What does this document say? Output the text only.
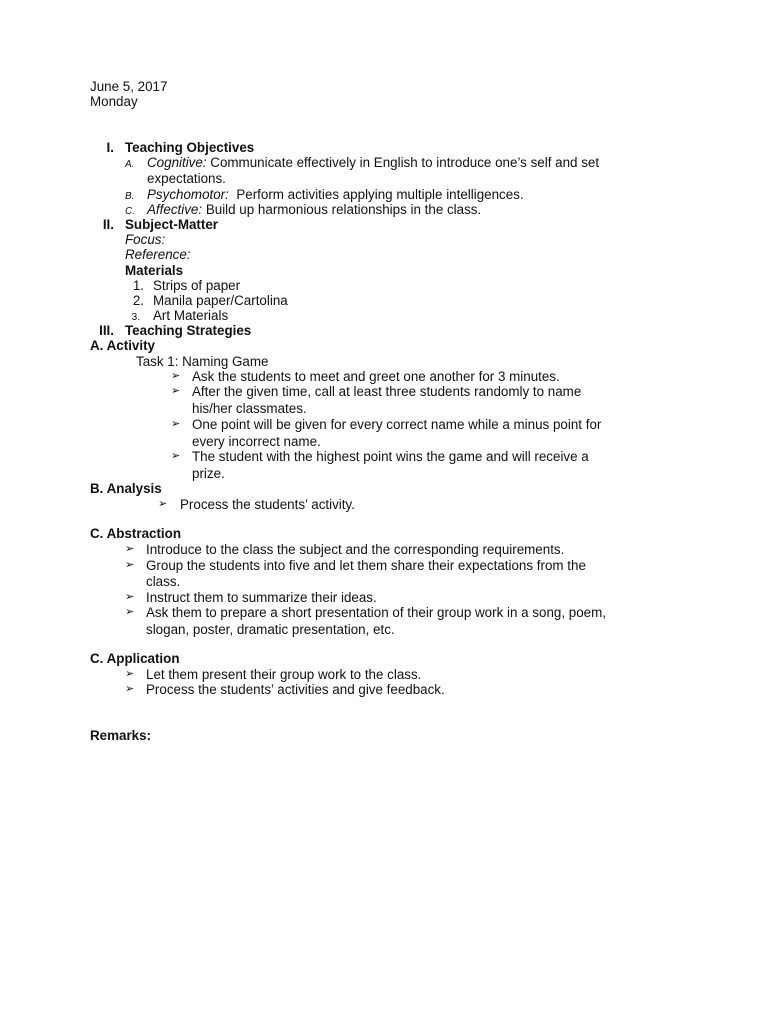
June 5, 2017
Monday
I. Teaching Objectives
A. Cognitive: Communicate effectively in English to introduce one’s self and set
expectations.
B. Psychomotor: Perform activities applying multiple intelligences.
C. Affective: Build up harmonious relationships in the class.
II. Subject-Matter
Focus:
Reference:
Materials
1. Strips of paper
2. Manila paper/Cartolina
3. Art Materials
III. Teaching Strategies
A. Activity
Task 1: Naming Game
➢ Ask the students to meet and greet one another for 3 minutes.
➢ After the given time, call at least three students randomly to name
his/her classmates.
➢ One point will be given for every correct name while a minus point for
every incorrect name.
➢ The student with the highest point wins the game and will receive a
prize.
B. Analysis
➢ Process the students’ activity.
C. Abstraction
➢ Introduce to the class the subject and the corresponding requirements.
➢ Group the students into five and let them share their expectations from the
class.
➢ Instruct them to summarize their ideas.
➢ Ask them to prepare a short presentation of their group work in a song, poem,
slogan, poster, dramatic presentation, etc.
C. Application
➢ Let them present their group work to the class.
➢ Process the students’ activities and give feedback.
Remarks:
